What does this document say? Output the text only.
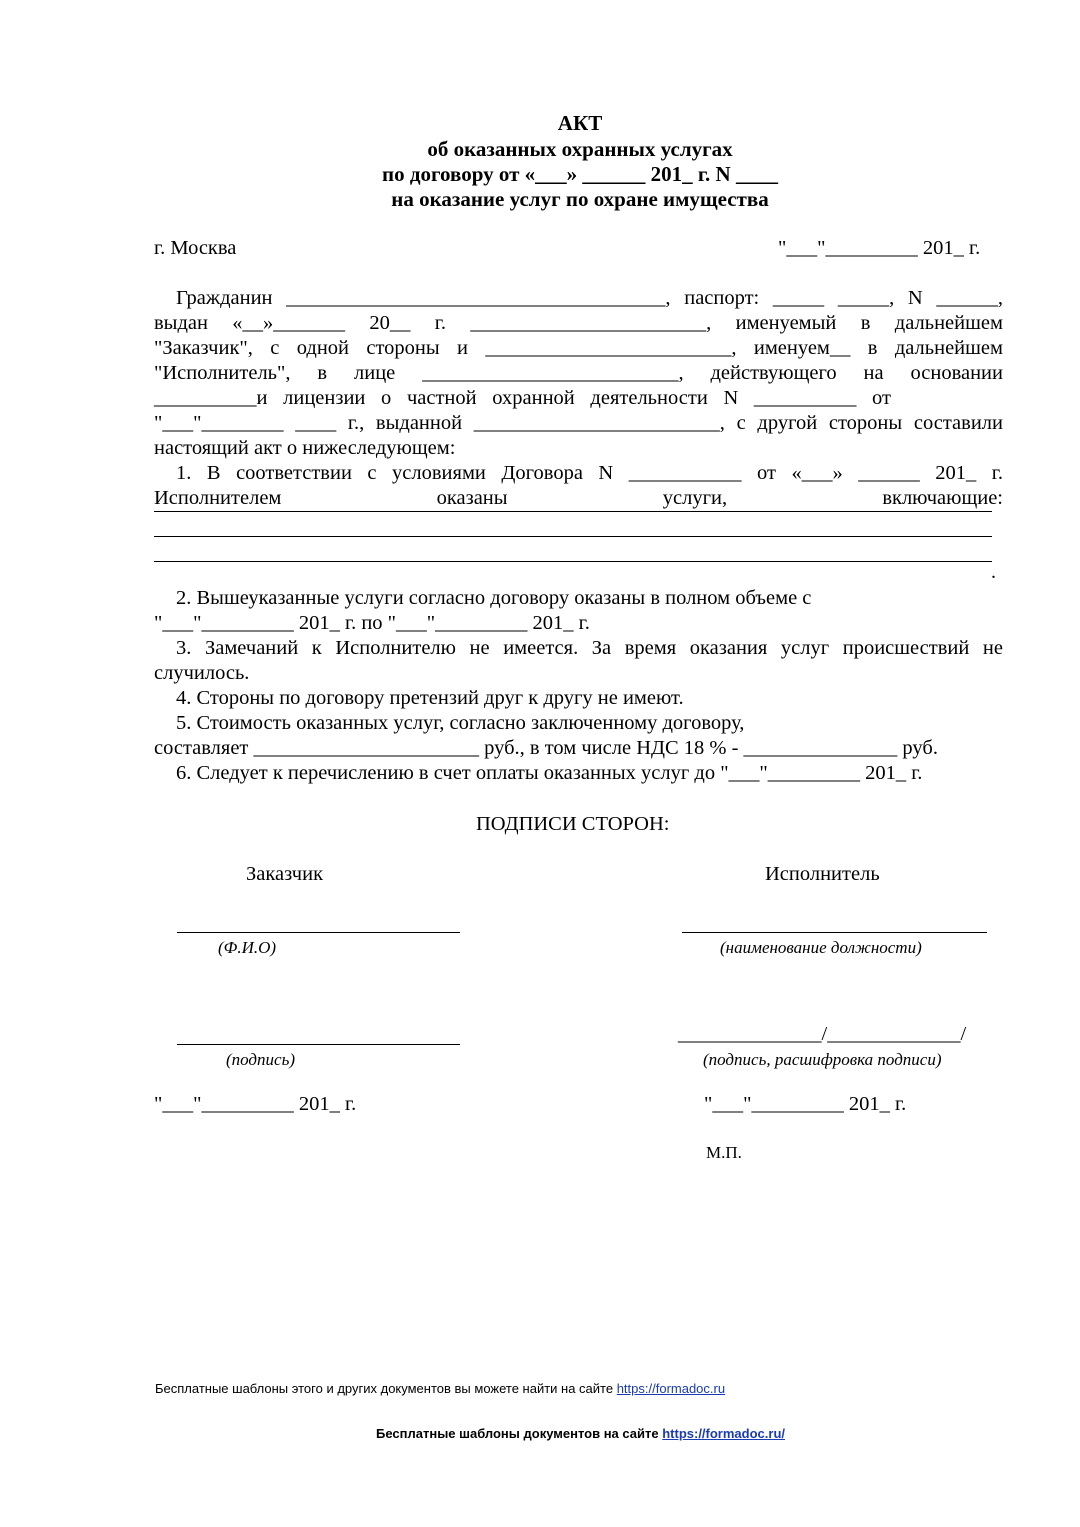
АКТ
об оказанных охранных услугах
по договору от «___» ______ 201_ г. N ____
на оказание услуг по охране имущества
г. Москва	"___"_________ 201_ г.
Гражданин _____________________________________, паспорт: _____ _____, N ______,
выдан «__»_______ 20__ г. _______________________, именуемый в дальнейшем
"Заказчик", с одной стороны и ________________________, именуем__ в дальнейшем
"Исполнитель", в лице _________________________, действующего на основании
__________и лицензии о частной охранной деятельности N __________ от
"___"________ ____ г., выданной ________________________, с другой стороны составили
настоящий акт о нижеследующем:
1. В соответствии с условиями Договора N ___________ от «___» ______ 201_ г.
Исполнителем оказаны услуги, включающие:
.
2. Вышеуказанные услуги согласно договору оказаны в полном объеме с
"___"_________ 201_ г. по "___"_________ 201_ г.
3. Замечаний к Исполнителю не имеется. За время оказания услуг происшествий не
случилось.
4. Стороны по договору претензий друг к другу не имеют.
5. Стоимость оказанных услуг, согласно заключенному договору,
составляет ______________________ руб., в том числе НДС 18 % - _______________ руб.
6. Следует к перечислению в счет оплаты оказанных услуг до "___"_________ 201_ г.
ПОДПИСИ СТОРОН:
Заказчик	Исполнитель
(Ф.И.О)	(наименование должности)
______________/_____________/
(подпись)	(подпись, расшифровка подписи)
"___"_________ 201_ г.	"___"_________ 201_ г.
М.П.
Бесплатные шаблоны этого и других документов вы можете найти на сайте https://formadoc.ru
Бесплатные шаблоны документов на сайте https://formadoc.ru/
